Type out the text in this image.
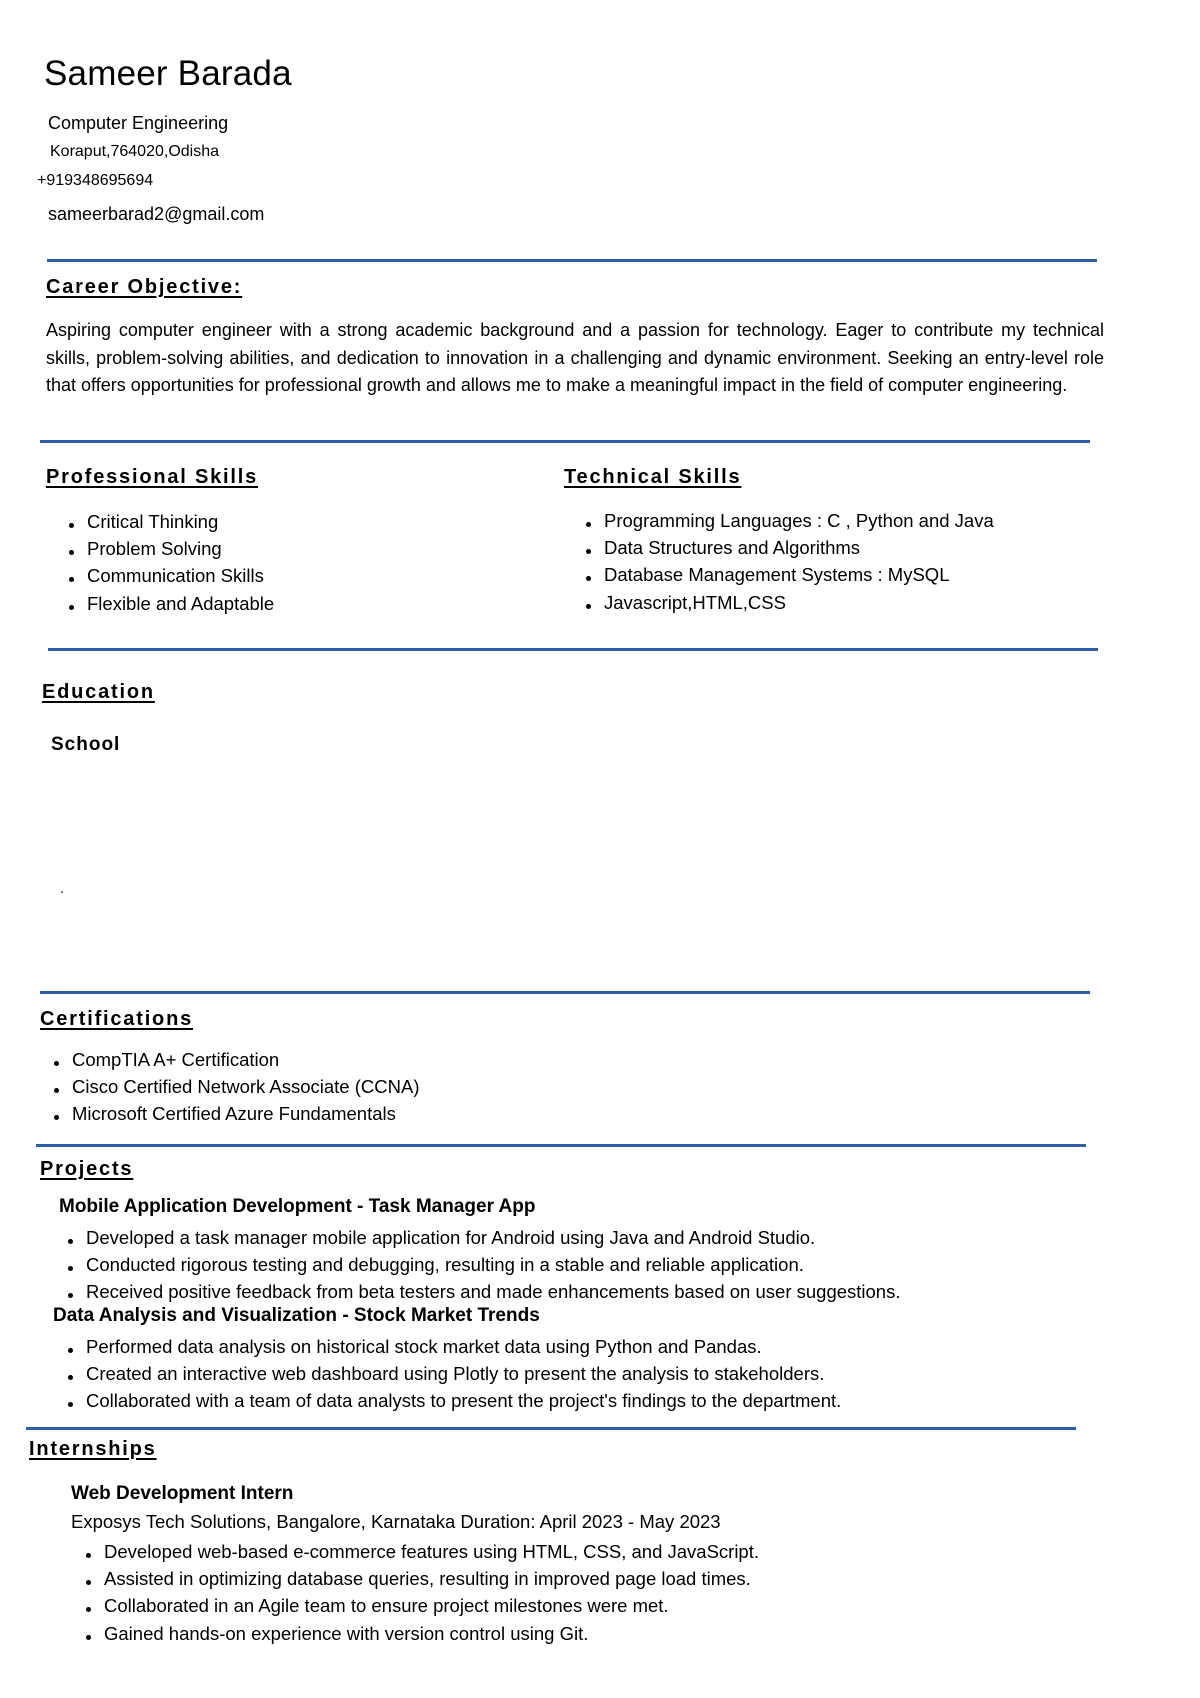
Sameer Barada
Computer Engineering
Koraput,764020,Odisha
+919348695694
sameerbarad2@gmail.com
Career Objective:
Aspiring computer engineer with a strong academic background and a passion for technology. Eager to contribute my technical skills, problem-solving abilities, and dedication to innovation in a challenging and dynamic environment. Seeking an entry-level role that offers opportunities for professional growth and allows me to make a meaningful impact in the field of computer engineering.
Professional Skills
Critical Thinking
Problem Solving
Communication Skills
Flexible and Adaptable
Technical Skills
Programming Languages : C , Python and Java
Data Structures and Algorithms
Database Management Systems : MySQL
Javascript,HTML,CSS
Education
School
.
Certifications
CompTIA A+ Certification
Cisco Certified Network Associate (CCNA)
Microsoft Certified Azure Fundamentals
Projects
Mobile Application Development - Task Manager App
Developed a task manager mobile application for Android using Java and Android Studio.
Conducted rigorous testing and debugging, resulting in a stable and reliable application.
Received positive feedback from beta testers and made enhancements based on user suggestions.
Data Analysis and Visualization - Stock Market Trends
Performed data analysis on historical stock market data using Python and Pandas.
Created an interactive web dashboard using Plotly to present the analysis to stakeholders.
Collaborated with a team of data analysts to present the project's findings to the department.
Internships
Web Development Intern
Exposys Tech Solutions, Bangalore, Karnataka Duration: April 2023 - May 2023
Developed web-based e-commerce features using HTML, CSS, and JavaScript.
Assisted in optimizing database queries, resulting in improved page load times.
Collaborated in an Agile team to ensure project milestones were met.
Gained hands-on experience with version control using Git.
